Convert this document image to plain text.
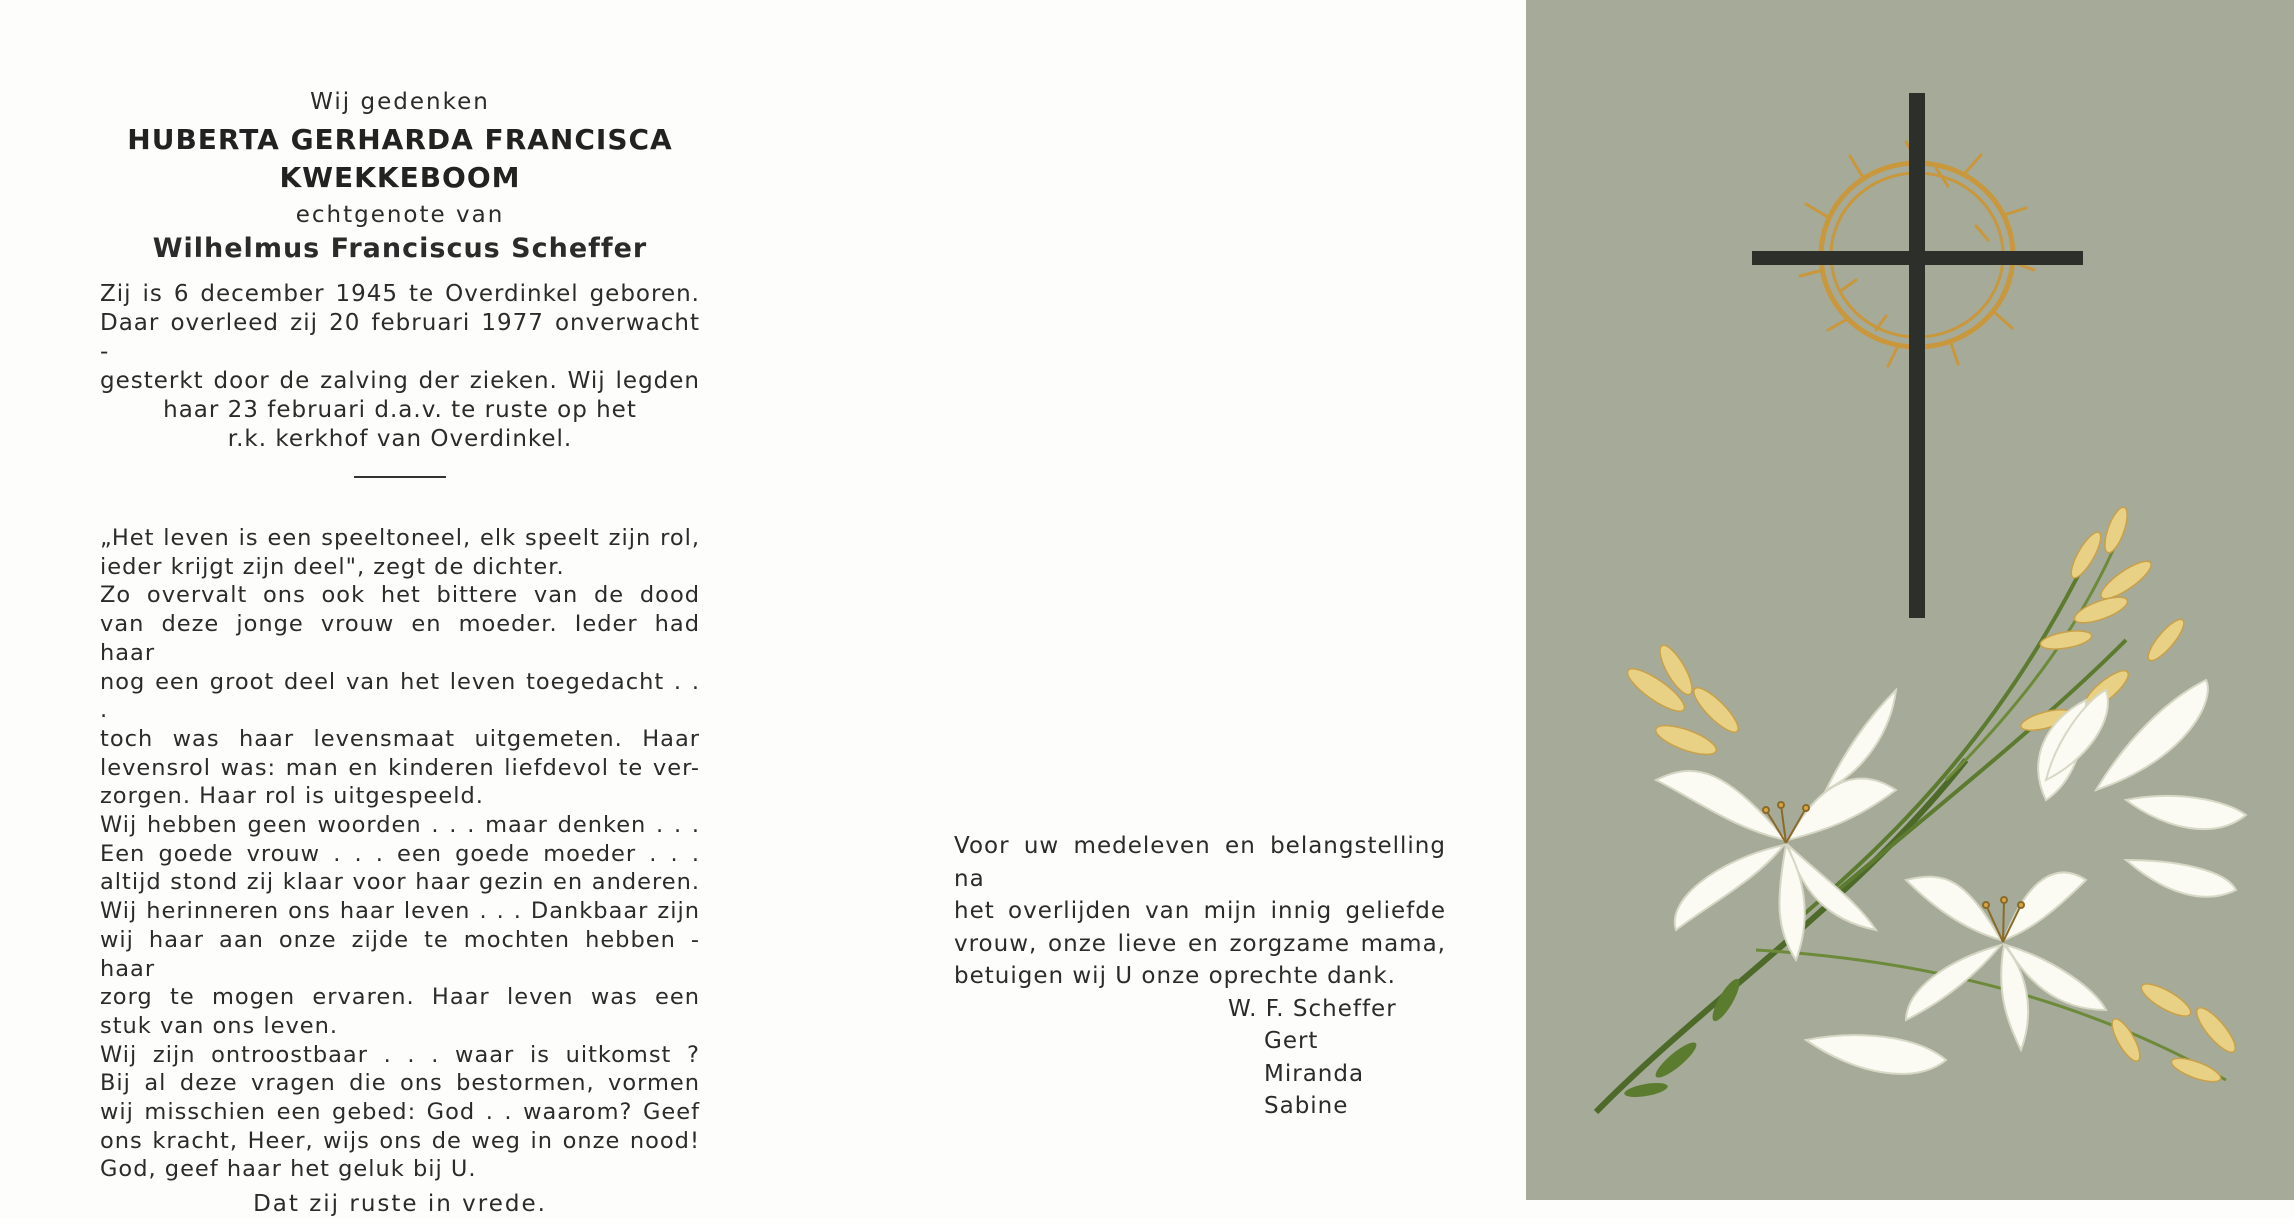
Wij gedenken
HUBERTA GERHARDA FRANCISCA
KWEKKEBOOM
echtgenote van
Wilhelmus Franciscus Scheffer

Zij is 6 december 1945 te Overdinkel geboren.

Daar overleed zij 20 februari 1977 onverwacht -

gesterkt door de zalving der zieken. Wij legden

haar 23 februari d.a.v. te ruste op het

r.k. kerkhof van Overdinkel.

„Het leven is een speeltoneel, elk speelt zijn rol,

ieder krijgt zijn deel", zegt de dichter.

Zo overvalt ons ook het bittere van de dood

van deze jonge vrouw en moeder. Ieder had haar

nog een groot deel van het leven toegedacht . . .

toch was haar levensmaat uitgemeten. Haar

levensrol was: man en kinderen liefdevol te ver-

zorgen. Haar rol is uitgespeeld.

Wij hebben geen woorden . . . maar denken . . .

Een goede vrouw . . . een goede moeder . . .

altijd stond zij klaar voor haar gezin en anderen.

Wij herinneren ons haar leven . . . Dankbaar zijn

wij haar aan onze zijde te mochten hebben - haar

zorg te mogen ervaren. Haar leven was een

stuk van ons leven.

Wij zijn ontroostbaar . . . waar is uitkomst ?

Bij al deze vragen die ons bestormen, vormen

wij misschien een gebed: God . . waarom? Geef

ons kracht, Heer, wijs ons de weg in onze nood!

God, geef haar het geluk bij U.

Dat zij ruste in vrede.

Voor uw medeleven en belangstelling na

het overlijden van mijn innig geliefde

vrouw, onze lieve en zorgzame mama,

betuigen wij U onze oprechte dank.

W. F. Scheffer
Gert
Miranda
Sabine
